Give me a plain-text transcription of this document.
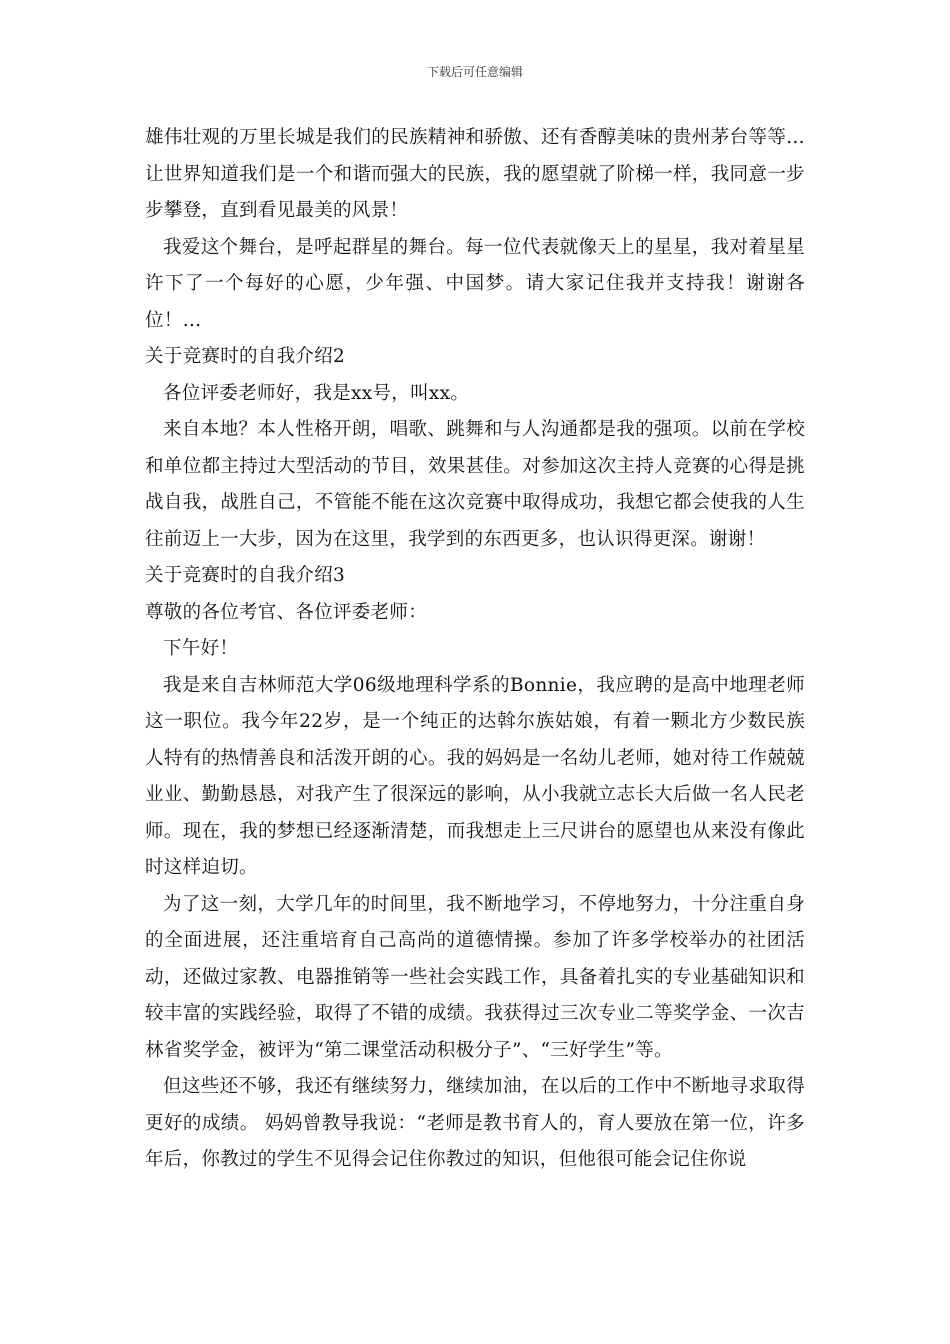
下载后可任意编辑

雄伟壮观的万里长城是我们的民族精神和骄傲、还有香醇美味的贵州茅台等等…让世界知道我们是一个和谐而强大的民族，我的愿望就了阶梯一样，我同意一步步攀登，直到看见最美的风景！

我爱这个舞台，是呼起群星的舞台。每一位代表就像天上的星星，我对着星星许下了一个每好的心愿，少年强、中国梦。请大家记住我并支持我！谢谢各位！…

关于竞赛时的自我介绍2

各位评委老师好，我是xx号，叫xx。

来自本地？本人性格开朗，唱歌、跳舞和与人沟通都是我的强项。以前在学校和单位都主持过大型活动的节目，效果甚佳。对参加这次主持人竞赛的心得是挑战自我，战胜自己，不管能不能在这次竞赛中取得成功，我想它都会使我的人生往前迈上一大步，因为在这里，我学到的东西更多，也认识得更深。谢谢！

关于竞赛时的自我介绍3

尊敬的各位考官、各位评委老师：

下午好！

我是来自吉林师范大学06级地理科学系的Bonnie，我应聘的是高中地理老师这一职位。我今年22岁，是一个纯正的达斡尔族姑娘，有着一颗北方少数民族人特有的热情善良和活泼开朗的心。我的妈妈是一名幼儿老师，她对待工作兢兢业业、勤勤恳恳，对我产生了很深远的影响，从小我就立志长大后做一名人民老师。现在，我的梦想已经逐渐清楚，而我想走上三尺讲台的愿望也从来没有像此时这样迫切。

为了这一刻，大学几年的时间里，我不断地学习，不停地努力，十分注重自身的全面进展，还注重培育自己高尚的道德情操。参加了许多学校举办的社团活动，还做过家教、电器推销等一些社会实践工作，具备着扎实的专业基础知识和较丰富的实践经验，取得了不错的成绩。我获得过三次专业二等奖学金、一次吉林省奖学金，被评为“第二课堂活动积极分子”、“三好学生”等。

但这些还不够，我还有继续努力，继续加油，在以后的工作中不断地寻求取得更好的成绩。 妈妈曾教导我说：“老师是教书育人的，育人要放在第一位，许多年后，你教过的学生不见得会记住你教过的知识，但他很可能会记住你说
